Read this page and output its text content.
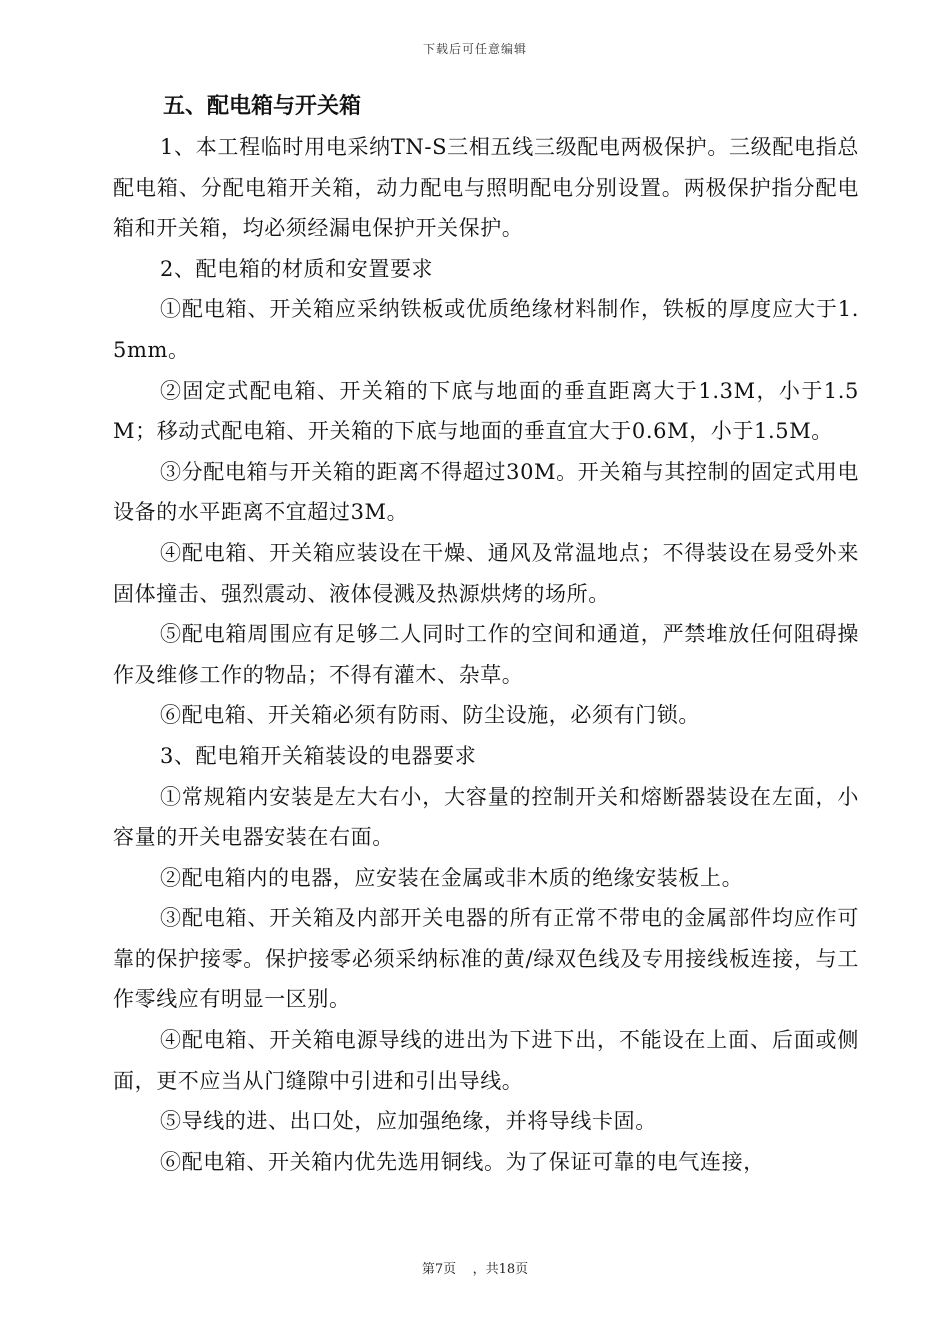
下载后可任意编辑

五、配电箱与开关箱

1、本工程临时用电采纳TN-S三相五线三级配电两极保护。三级配电指总配电箱、分配电箱开关箱，动力配电与照明配电分别设置。两极保护指分配电箱和开关箱，均必须经漏电保护开关保护。

2、配电箱的材质和安置要求

①配电箱、开关箱应采纳铁板或优质绝缘材料制作，铁板的厚度应大于1.5mm。

②固定式配电箱、开关箱的下底与地面的垂直距离大于1.3M，小于1.5M；移动式配电箱、开关箱的下底与地面的垂直宜大于0.6M，小于1.5M。

③分配电箱与开关箱的距离不得超过30M。开关箱与其控制的固定式用电设备的水平距离不宜超过3M。

④配电箱、开关箱应装设在干燥、通风及常温地点；不得装设在易受外来固体撞击、强烈震动、液体侵溅及热源烘烤的场所。

⑤配电箱周围应有足够二人同时工作的空间和通道，严禁堆放任何阻碍操作及维修工作的物品；不得有灌木、杂草。

⑥配电箱、开关箱必须有防雨、防尘设施，必须有门锁。

3、配电箱开关箱装设的电器要求

①常规箱内安装是左大右小，大容量的控制开关和熔断器装设在左面，小容量的开关电器安装在右面。

②配电箱内的电器，应安装在金属或非木质的绝缘安装板上。

③配电箱、开关箱及内部开关电器的所有正常不带电的金属部件均应作可靠的保护接零。保护接零必须采纳标准的黄/绿双色线及专用接线板连接，与工作零线应有明显一区别。

④配电箱、开关箱电源导线的进出为下进下出，不能设在上面、后面或侧面，更不应当从门缝隙中引进和引出导线。

⑤导线的进、出口处，应加强绝缘，并将导线卡固。

⑥配电箱、开关箱内优先选用铜线。为了保证可靠的电气连接，

第7页    ，共18页
